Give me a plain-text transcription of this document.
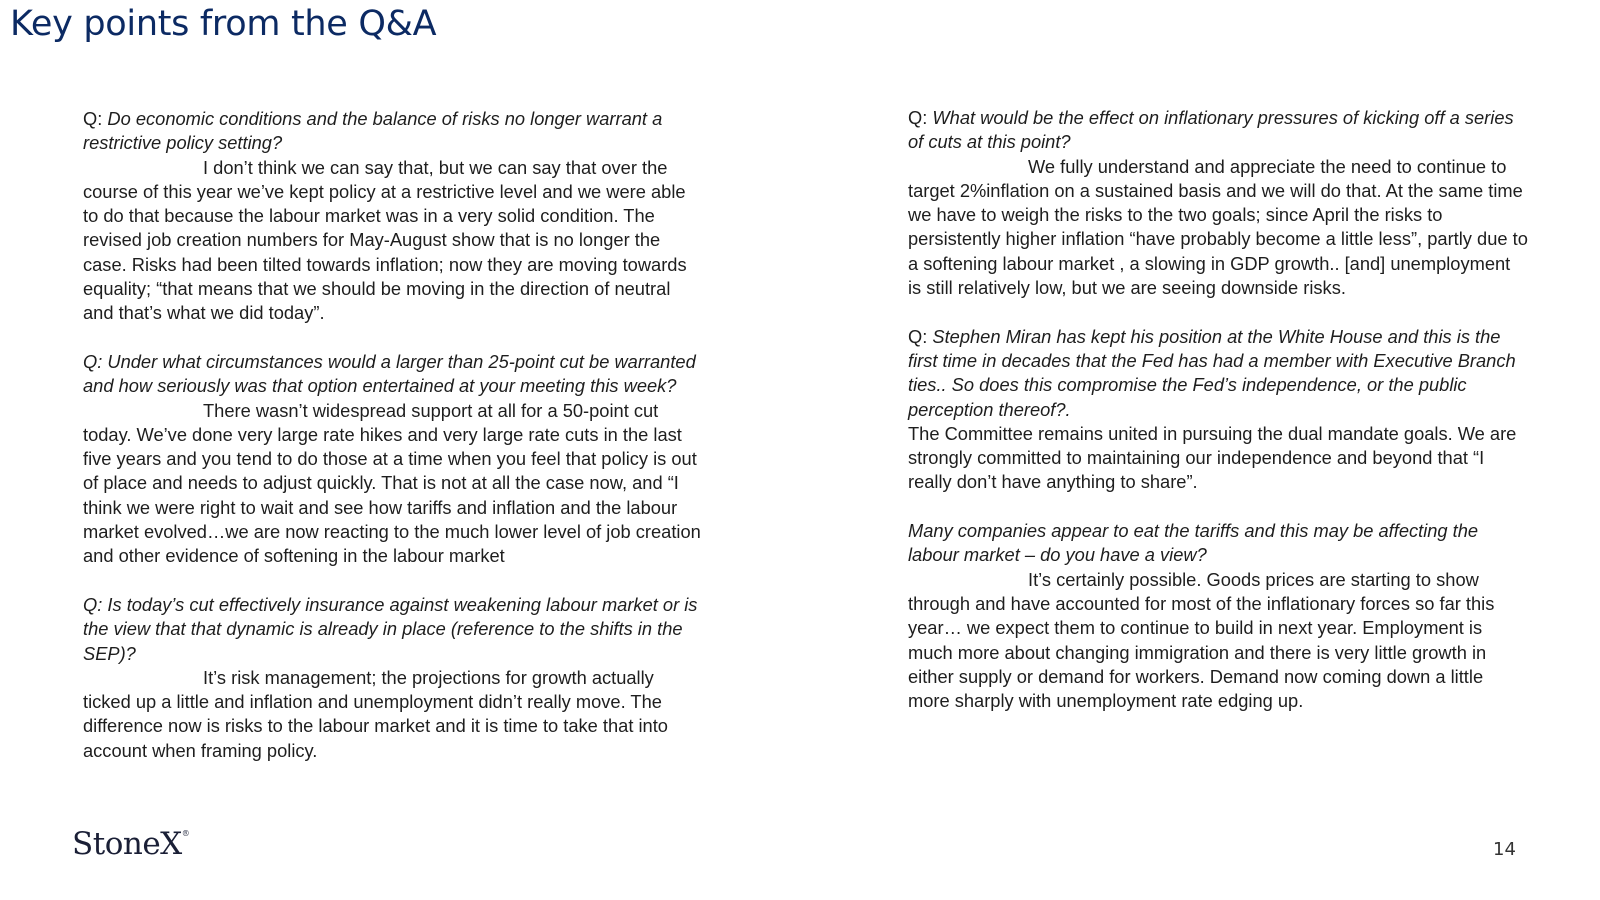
Key points from the Q&A
Q: Do economic conditions and the balance of risks no longer warrant a restrictive policy setting?
I don’t think we can say that, but we can say that over the course of this year we’ve kept policy at a restrictive level and we were able to do that because the labour market was in a very solid condition. The revised job creation numbers for May-August show that is no longer the case. Risks had been tilted towards inflation; now they are moving towards equality; “that means that we should be moving in the direction of neutral and that’s what we did today”.
Q: Under what circumstances would a larger than 25-point cut be warranted and how seriously was that option entertained at your meeting this week?
There wasn’t widespread support at all for a 50-point cut today. We’ve done very large rate hikes and very large rate cuts in the last five years and you tend to do those at a time when you feel that policy is out of place and needs to adjust quickly. That is not at all the case now, and “I think we were right to wait and see how tariffs and inflation and the labour market evolved…we are now reacting to the much lower level of job creation and other evidence of softening in the labour market
Q: Is today’s cut effectively insurance against weakening labour market or is the view that that dynamic is already in place (reference to the shifts in the SEP)?
It’s risk management; the projections for growth actually ticked up a little and inflation and unemployment didn’t really move. The difference now is risks to the labour market and it is time to take that into account when framing policy.
Q: What would be the effect on inflationary pressures of kicking off a series of cuts at this point?
We fully understand and appreciate the need to continue to target 2%inflation on a sustained basis and we will do that. At the same time we have to weigh the risks to the two goals; since April the risks to persistently higher inflation “have probably become a little less”, partly due to a softening labour market , a slowing in GDP growth.. [and] unemployment is still relatively low, but we are seeing downside risks.
Q: Stephen Miran has kept his position at the White House and this is the first time in decades that the Fed has had a member with Executive Branch ties.. So does this compromise the Fed’s independence, or the public perception thereof?.
The Committee remains united in pursuing the dual mandate goals. We are strongly committed to maintaining our independence and beyond that “I really don’t have anything to share”.
Many companies appear to eat the tariffs and this may be affecting the labour market – do you have a view?
It’s certainly possible. Goods prices are starting to show through and have accounted for most of the inflationary forces so far this year… we expect them to continue to build in next year. Employment is much more about changing immigration and there is very little growth in either supply or demand for workers. Demand now coming down a little more sharply with unemployment rate edging up.
StoneX®
14
